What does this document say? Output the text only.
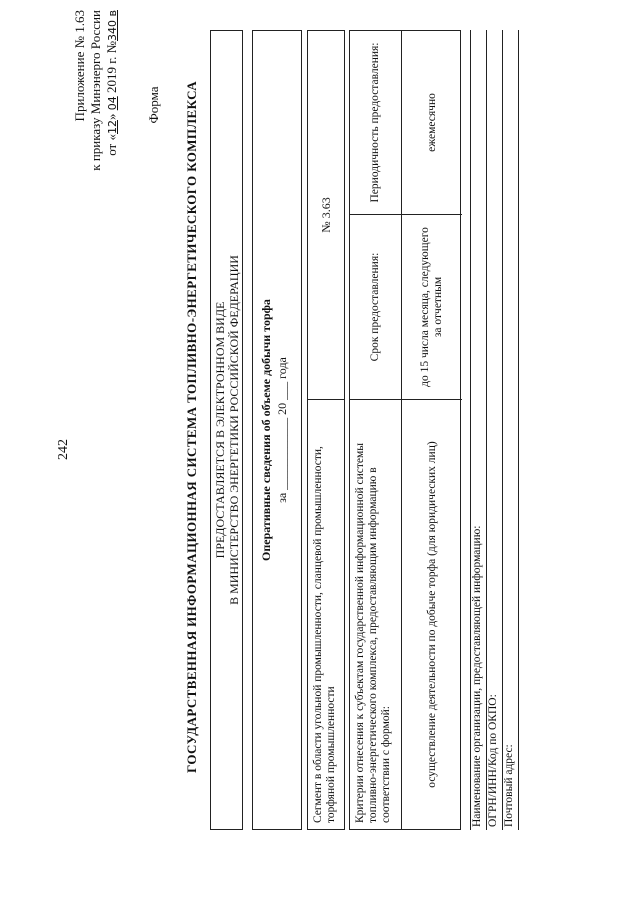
242
Приложение № 1.63 к приказу Минэнерго России от «12» 04 2019 г. №340 в
Форма ГОСУДАРСТВЕННАЯ ИНФОРМАЦИОННАЯ СИСТЕМА ТОПЛИВНО-ЭНЕРГЕТИЧЕСКОГО КОМПЛЕКСА ПРЕДОСТАВЛЯЕТСЯ В ЭЛЕКТРОННОМ ВИДЕ В МИНИСТЕРСТВО ЭНЕРГЕТИКИ РОССИЙСКОЙ ФЕДЕРАЦИИ Оперативные сведения об объеме добычи торфа за ____________ 20 ___ года
Сегмент в области угольной промышленности, сланцевой промышленности, торфяной промышленности
№ 3.63
Критерии отнесения к субъектам государственной информационной системы топливно-энергетического комплекса, предоставляющим информацию в соответствии с формой:
Срок предоставления:
Периодичность предоставления:
осуществление деятельности по добыче торфа (для юридических лиц)
до 15 числа месяца, следующего за отчетным
ежемесячно
Наименование организации, предоставляющей информацию: ОГРН/ИНН/Код по ОКПО: Почтовый адрес:
